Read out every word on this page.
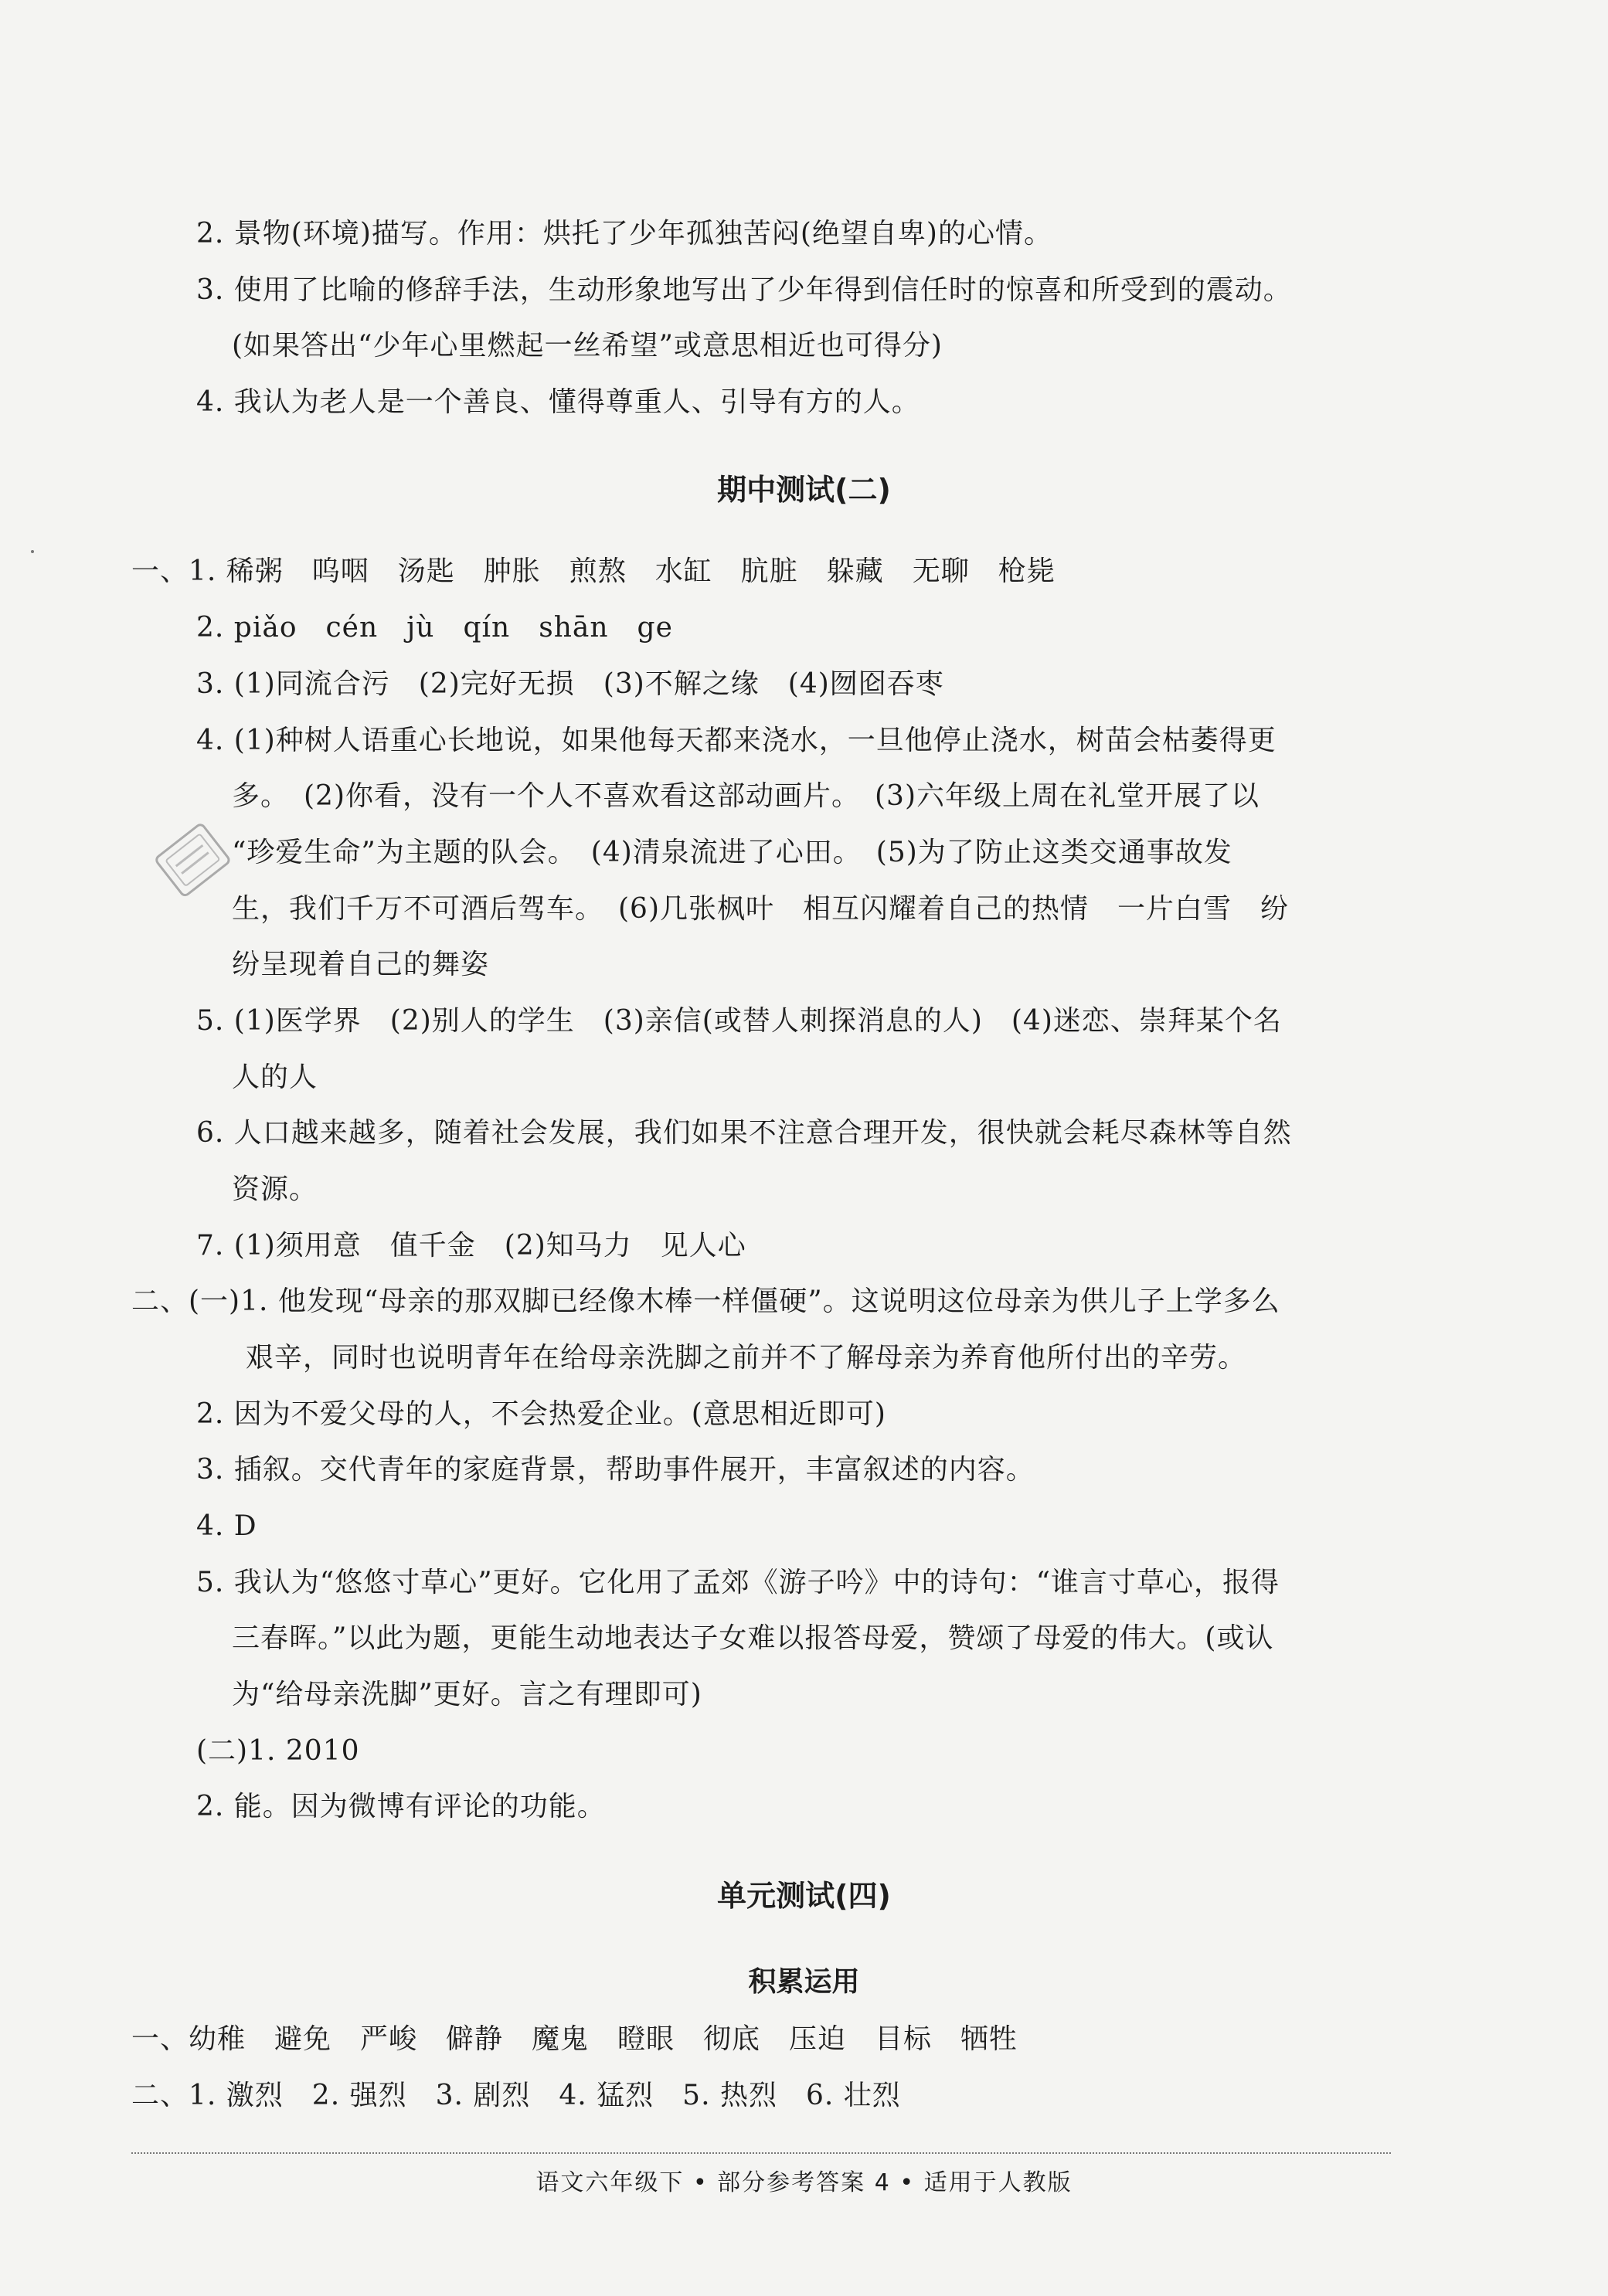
2. 景物(环境)描写。作用：烘托了少年孤独苦闷(绝望自卑)的心情。
3. 使用了比喻的修辞手法，生动形象地写出了少年得到信任时的惊喜和所受到的震动。
(如果答出“少年心里燃起一丝希望”或意思相近也可得分)
4. 我认为老人是一个善良、懂得尊重人、引导有方的人。
期中测试(二)
一、1. 稀粥　呜咽　汤匙　肿胀　煎熬　水缸　肮脏　躲藏　无聊　枪毙
2. piǎo　cén　jù　qín　shān　ge
3. (1)同流合污　(2)完好无损　(3)不解之缘　(4)囫囵吞枣
4. (1)种树人语重心长地说，如果他每天都来浇水，一旦他停止浇水，树苗会枯萎得更
多。　(2)你看，没有一个人不喜欢看这部动画片。　(3)六年级上周在礼堂开展了以
“珍爱生命”为主题的队会。　(4)清泉流进了心田。　(5)为了防止这类交通事故发
生，我们千万不可酒后驾车。　(6)几张枫叶　相互闪耀着自己的热情　一片白雪　纷
纷呈现着自己的舞姿
5. (1)医学界　(2)别人的学生　(3)亲信(或替人刺探消息的人)　(4)迷恋、崇拜某个名
人的人
6. 人口越来越多，随着社会发展，我们如果不注意合理开发，很快就会耗尽森林等自然
资源。
7. (1)须用意　值千金　(2)知马力　见人心
二、(一)1. 他发现“母亲的那双脚已经像木棒一样僵硬”。这说明这位母亲为供儿子上学多么
艰辛，同时也说明青年在给母亲洗脚之前并不了解母亲为养育他所付出的辛劳。
2. 因为不爱父母的人，不会热爱企业。(意思相近即可)
3. 插叙。交代青年的家庭背景，帮助事件展开，丰富叙述的内容。
4. D
5. 我认为“悠悠寸草心”更好。它化用了孟郊《游子吟》中的诗句：“谁言寸草心，报得
三春晖。”以此为题，更能生动地表达子女难以报答母爱，赞颂了母爱的伟大。(或认
为“给母亲洗脚”更好。言之有理即可)
(二)1. 2010
2. 能。因为微博有评论的功能。
单元测试(四)
积累运用
一、幼稚　避免　严峻　僻静　魔鬼　瞪眼　彻底　压迫　目标　牺牲
二、1. 激烈　2. 强烈　3. 剧烈　4. 猛烈　5. 热烈　6. 壮烈
语文六年级下 • 部分参考答案 4 • 适用于人教版
